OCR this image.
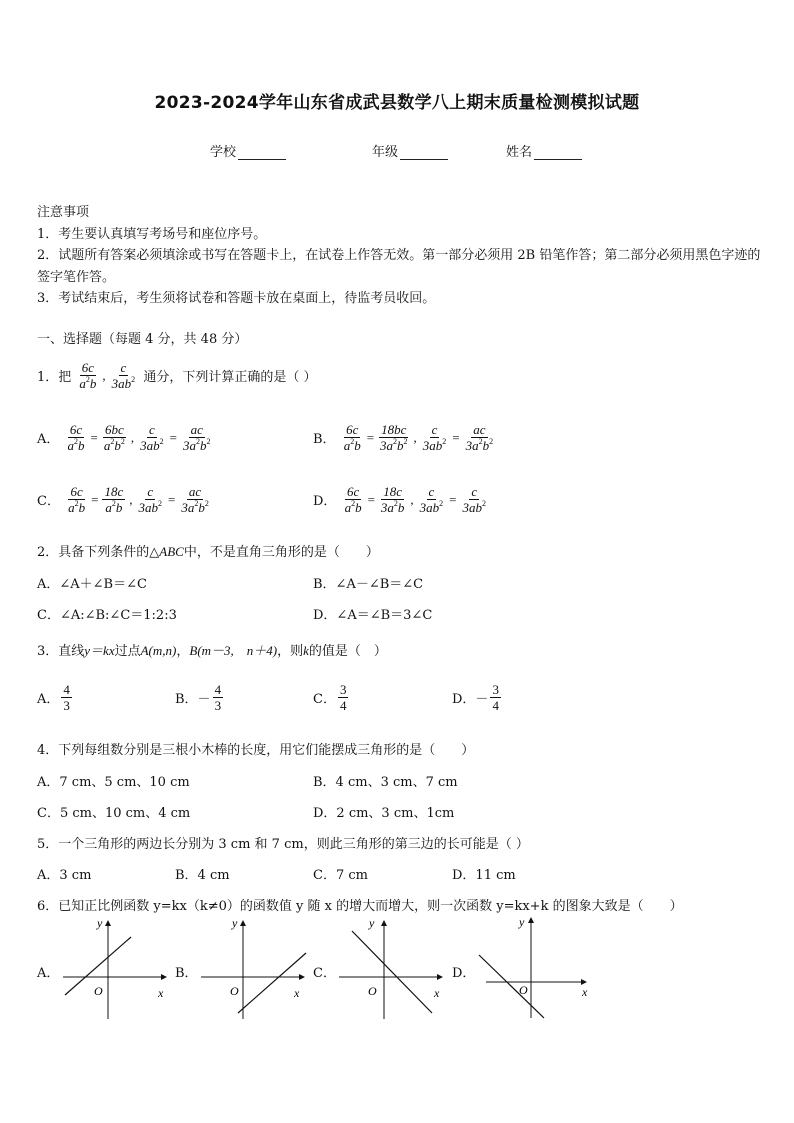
2023-2024学年山东省成武县数学八上期末质量检测模拟试题
学校	年级	姓名

注意事项

1．考生要认真填写考场号和座位序号。

2．试题所有答案必须填涂或书写在答题卡上，在试卷上作答无效。第一部分必须用 2B 铅笔作答；第二部分必须用黑色字迹的签字笔作答。

3．考试结束后，考生须将试卷和答题卡放在桌面上，待监考员收回。

一、选择题（每题 4 分，共 48 分）
1．把 $\frac{6c}{a^2b}$ , $\frac{c}{3ab^2}$ 通分，下列计算正确的是（ ）
A． $\frac{6c}{a^2b} = \frac{6bc}{a^2b^2}$ , $\frac{c}{3ab^2} = \frac{ac}{3a^2b^2}$	B． $\frac{6c}{a^2b} = \frac{18bc}{3a^2b^2}$ , $\frac{c}{3ab^2} = \frac{ac}{3a^2b^2}$
C． $\frac{6c}{a^2b} = \frac{18c}{a^2b}$ , $\frac{c}{3ab^2} = \frac{ac}{3a^2b^2}$	D． $\frac{6c}{a^2b} = \frac{18c}{3a^2b}$ , $\frac{c}{3ab^2} = \frac{c}{3ab^2}$
2．具备下列条件的△ABC中，不是直角三角形的是（　　）
A．∠A＋∠B＝∠C	B．∠A－∠B＝∠C
C．∠A:∠B:∠C＝1:2:3	D．∠A＝∠B＝3∠C
3．直线y＝kx过点A(m,n)，B(m－3,　n＋4)，则k的值是（　）
A． $\frac{4}{3}$	B．－ $\frac{4}{3}$	C． $\frac{3}{4}$	D．－ $\frac{3}{4}$
4．下列每组数分别是三根小木棒的长度，用它们能摆成三角形的是（　　）
A．7 cm、5 cm、10 cm	B．4 cm、3 cm、7 cm
C．5 cm、10 cm、4 cm	D．2 cm、3 cm、1cm
5．一个三角形的两边长分别为 3 cm 和 7 cm，则此三角形的第三边的长可能是（ ）
A．3 cm	B．4 cm	C．7 cm	D．11 cm
6．已知正比例函数 y=kx（k≠0）的函数值 y 随 x 的增大而增大，则一次函数 y=kx+k 的图象大致是（　　）
A．	B．	C．	D．
y
x
O
y
x
O
y
x
O
y
x
O
